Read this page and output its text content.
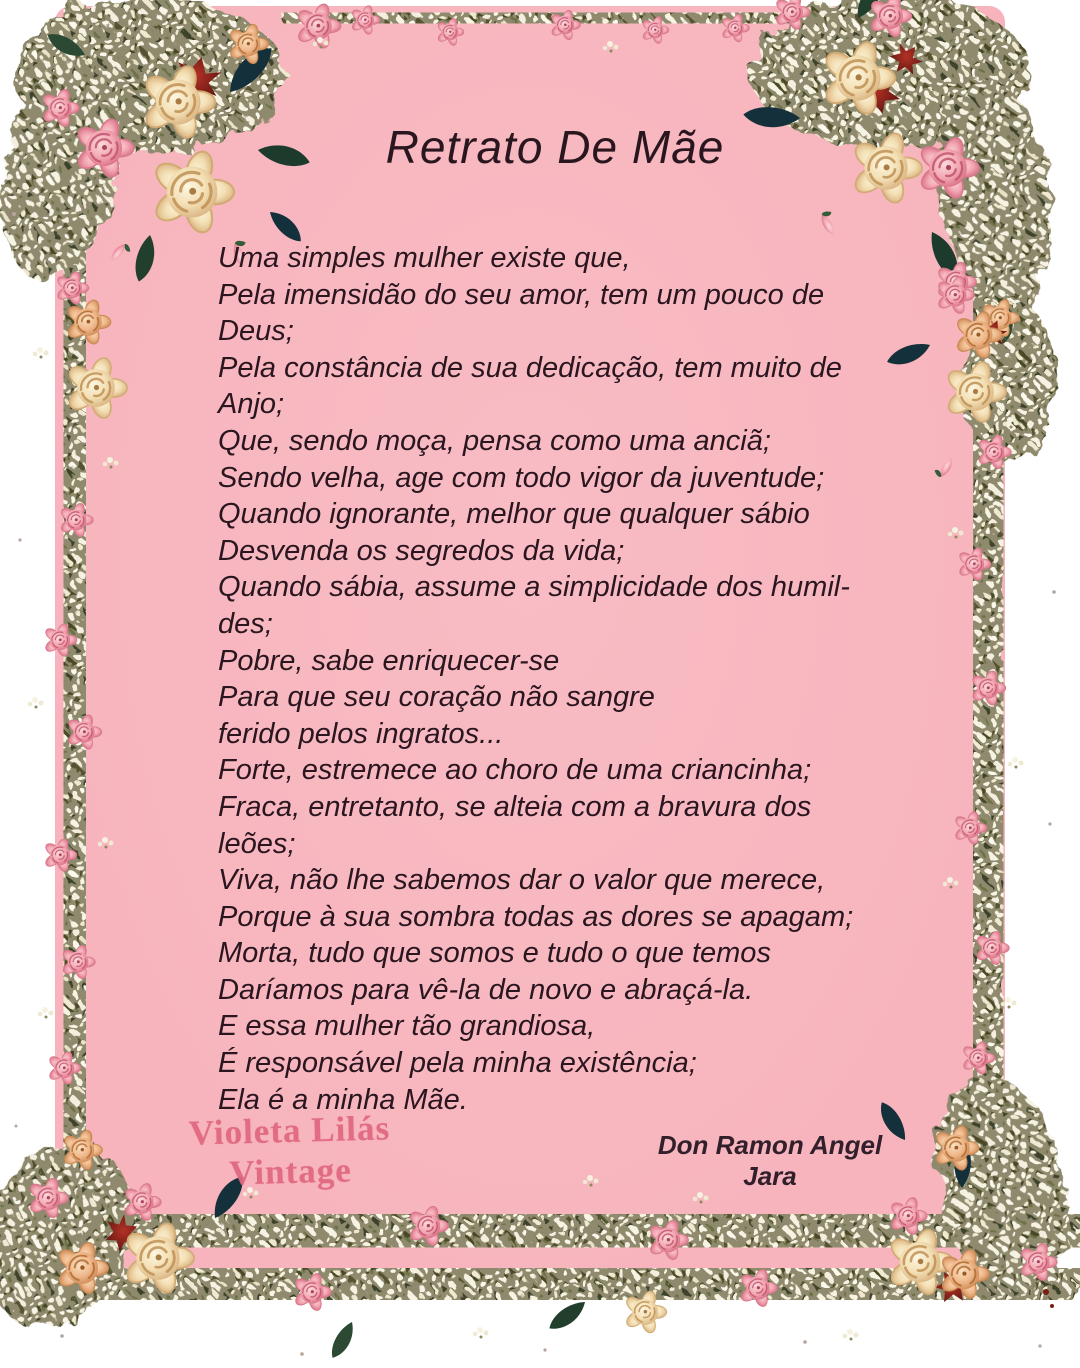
Retrato De Mãe
Uma simples mulher existe que,
Pela imensidão do seu amor, tem um pouco de
Deus;
Pela constância de sua dedicação, tem muito de
Anjo;
Que, sendo moça, pensa como uma anciã;
Sendo velha, age com todo vigor da juventude;
Quando ignorante, melhor que qualquer sábio
Desvenda os segredos da vida;
Quando sábia, assume a simplicidade dos humil-
des;
Pobre, sabe enriquecer-se
Para que seu coração não sangre
ferido pelos ingratos...
Forte, estremece ao choro de uma criancinha;
Fraca, entretanto, se alteia com a bravura dos
leões;
Viva, não lhe sabemos dar o valor que merece,
Porque à sua sombra todas as dores se apagam;
Morta, tudo que somos e tudo o que temos
Daríamos para vê-la de novo e abraçá-la.
E essa mulher tão grandiosa,
É responsável pela minha existência;
Ela é a minha Mãe.
Violeta Lilás
Vintage
Don Ramon Angel Jara
